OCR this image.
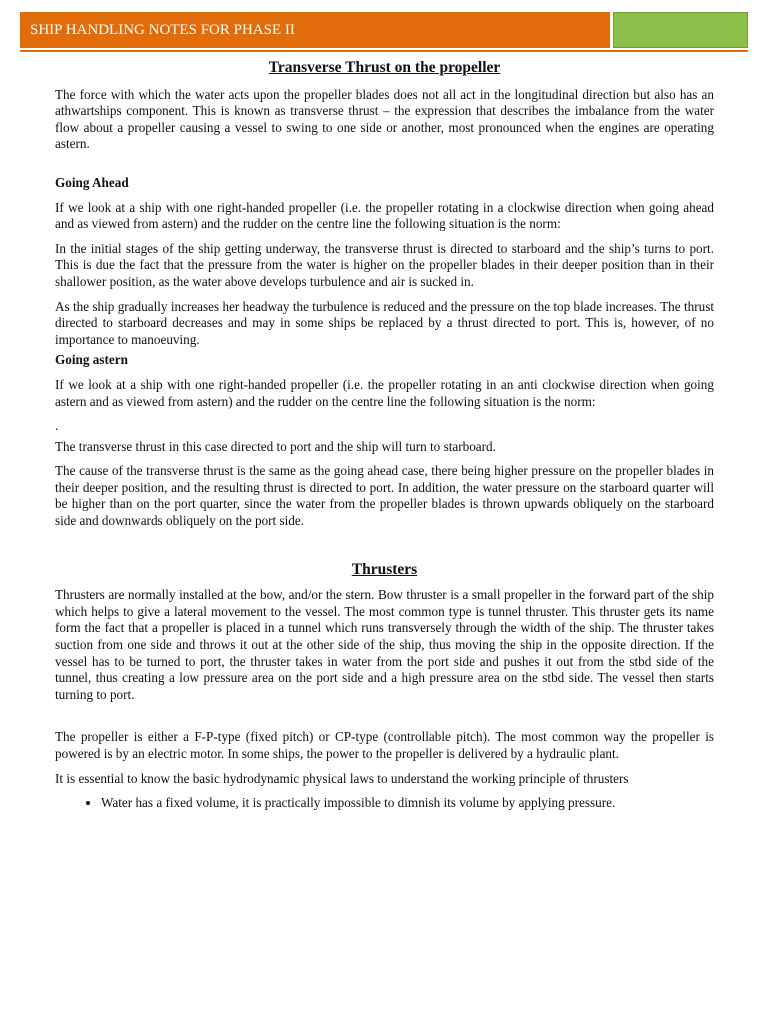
SHIP HANDLING NOTES FOR PHASE II
Transverse Thrust on the propeller

The force with which the water acts upon the propeller blades does not all act in the longitudinal direction but also has an athwartships component. This is known as transverse thrust – the expression that describes the imbalance from the water flow about a propeller causing a vessel to swing to one side or another, most pronounced when the engines are operating astern.

Going Ahead

If we look at a ship with one right-handed propeller (i.e. the propeller rotating in a clockwise direction when going ahead and as viewed from astern) and the rudder on the centre line the following situation is the norm:

In the initial stages of the ship getting underway, the transverse thrust is directed to starboard and the ship’s turns to port. This is due the fact that the pressure from the water is higher on the propeller blades in their deeper position than in their shallower position, as the water above develops turbulence and air is sucked in.

As the ship gradually increases her headway the turbulence is reduced and the pressure on the top blade increases. The thrust directed to starboard decreases and may in some ships be replaced by a thrust directed to port. This is, however, of no importance to manoeuving.

Going astern

If we look at a ship with one right-handed propeller (i.e. the propeller rotating in an anti clockwise direction when going astern and as viewed from astern) and the rudder on the centre line the following situation is the norm:

.

The transverse thrust in this case directed to port and the ship will turn to starboard.

The cause of the transverse thrust is the same as the going ahead case, there being higher pressure on the propeller blades in their deeper position, and the resulting thrust is directed to port. In addition, the water pressure on the starboard quarter will be higher than on the port quarter, since the water from the propeller blades is thrown upwards obliquely on the starboard side and downwards obliquely on the port side.

Thrusters

Thrusters are normally installed at the bow, and/or the stern. Bow thruster is a small propeller in the forward part of the ship which helps to give a lateral movement to the vessel. The most common type is tunnel thruster. This thruster gets its name form the fact that a propeller is placed in a tunnel which runs transversely through the width of the ship. The thruster takes suction from one side and throws it out at the other side of the ship, thus moving the ship in the opposite direction. If the vessel has to be turned to port, the thruster takes in water from the port side and pushes it out from the stbd side of the tunnel, thus creating a low pressure area on the port side and a high pressure area on the stbd side. The vessel then starts turning to port.

The propeller is either a F-P-type (fixed pitch) or CP-type (controllable pitch). The most common way the propeller is powered is by an electric motor. In some ships, the power to the propeller is delivered by a hydraulic plant.

It is essential to know the basic hydrodynamic physical laws to understand the working principle of thrusters

• Water has a fixed volume, it is practically impossible to dimnish its volume by applying pressure.
